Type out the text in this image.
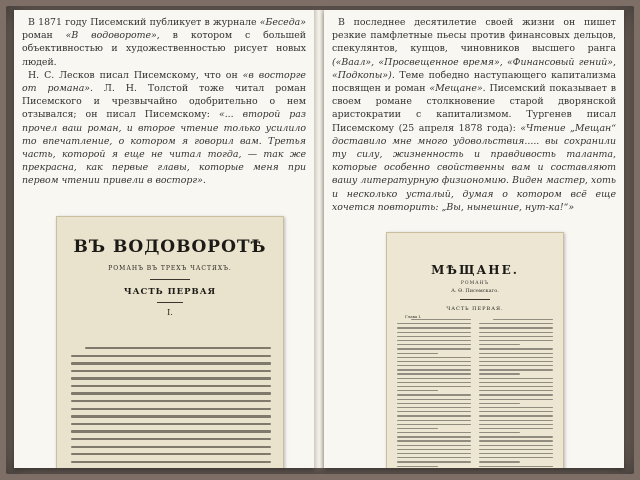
В 1871 году Писемский публикует в журнале «Беседа» роман «В водовороте», в котором с большей объективностью и художественностью рисует новых людей.

Н. С. Лесков писал Писемскому, что он «в восторге от романа». Л. Н. Толстой тоже читал роман Писемского и чрезвычайно одобрительно о нем отзывался; он писал Писемскому: «... второй раз прочел ваш роман, и второе чтение только усилило то впечатление, о котором я говорил вам. Третья часть, которой я еще не читал тогда, — так же прекрасна, как первые главы, которые меня при первом чтении привели в восторг».

ВЪ ВОДОВОРОТѢ
РОМАНЪ ВЪ ТРЕХЪ ЧАСТЯХЪ.
ЧАСТЬ ПЕРВАЯ
I.

В последнее десятилетие своей жизни он пишет резкие памфлетные пьесы против финансовых дельцов, спекулянтов, купцов, чиновников высшего ранга («Ваал», «Просвещенное время», «Финансовый гений», «Подкопы»). Теме победно наступающего капитализма посвящен и роман «Мещане». Писемский показывает в своем романе столкновение старой дворянской аристократии с капитализмом. Тургенев писал Писемскому (25 апреля 1878 года): «Чтение „Мещан“ доставило мне много удовольствия..... вы сохранили ту силу, жизненность и правдивость таланта, которые особенно свойственны вам и составляют вашу литературную физиономию. Виден мастер, хоть и несколько усталый, думая о котором всё еще хочется повторить: „Вы, нынешние, нут-ка!“»

МѢЩАНЕ.
РОМАНЪ
А. Ѳ. Писемскаго.
ЧАСТЬ ПЕРВАЯ.
Глава I.
